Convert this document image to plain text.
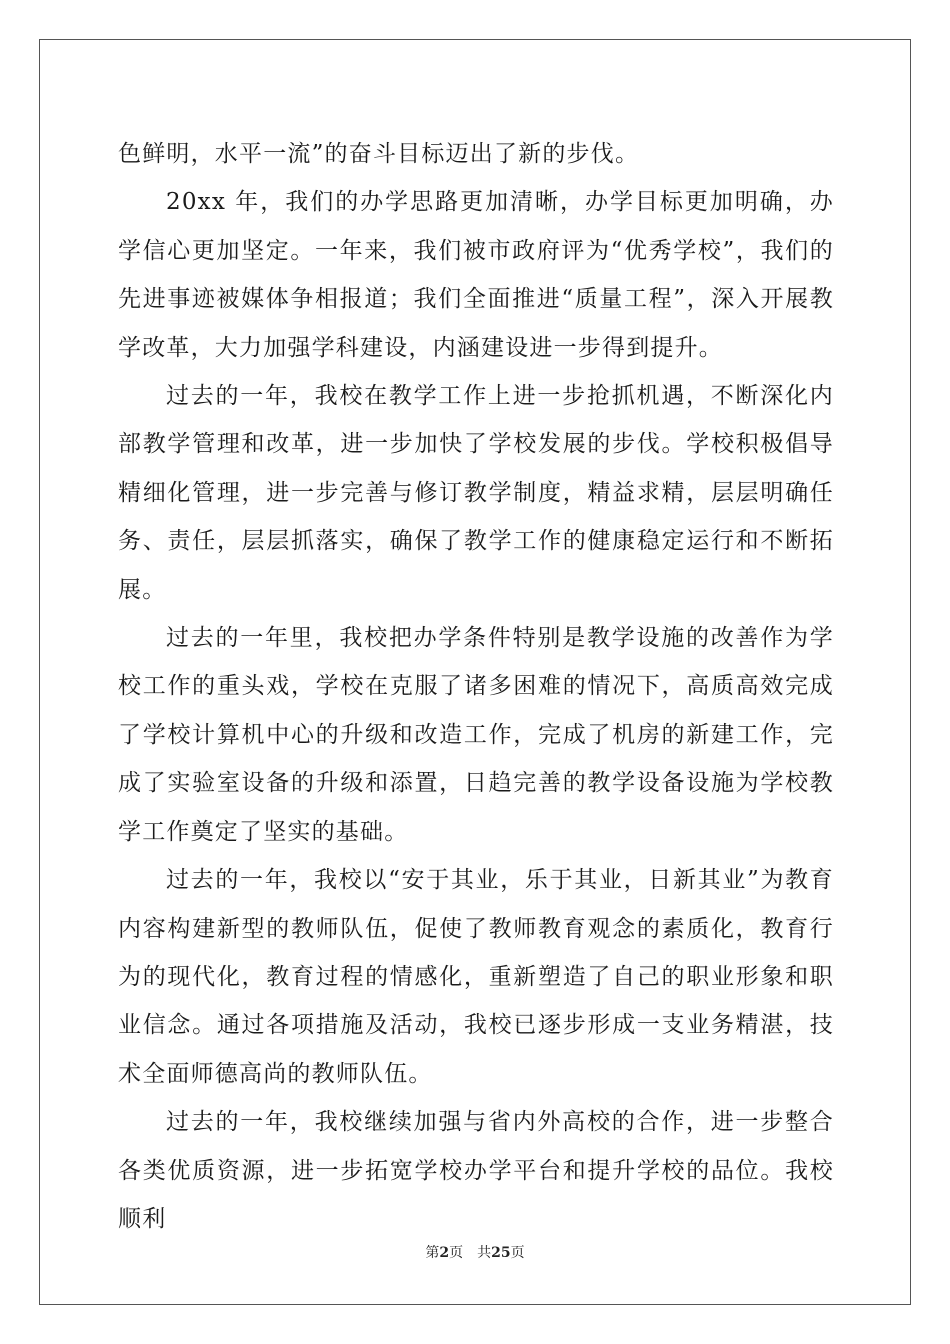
色鲜明，水平一流”的奋斗目标迈出了新的步伐。

20xx 年，我们的办学思路更加清晰，办学目标更加明确，办学信心更加坚定。一年来，我们被市政府评为“优秀学校”，我们的先进事迹被媒体争相报道；我们全面推进“质量工程”，深入开展教学改革，大力加强学科建设，内涵建设进一步得到提升。

过去的一年，我校在教学工作上进一步抢抓机遇，不断深化内部教学管理和改革，进一步加快了学校发展的步伐。学校积极倡导精细化管理，进一步完善与修订教学制度，精益求精，层层明确任务、责任，层层抓落实，确保了教学工作的健康稳定运行和不断拓展。

过去的一年里，我校把办学条件特别是教学设施的改善作为学校工作的重头戏，学校在克服了诸多困难的情况下，高质高效完成了学校计算机中心的升级和改造工作，完成了机房的新建工作，完成了实验室设备的升级和添置，日趋完善的教学设备设施为学校教学工作奠定了坚实的基础。

过去的一年，我校以“安于其业，乐于其业，日新其业”为教育内容构建新型的教师队伍，促使了教师教育观念的素质化，教育行为的现代化，教育过程的情感化，重新塑造了自己的职业形象和职业信念。通过各项措施及活动，我校已逐步形成一支业务精湛，技术全面师德高尚的教师队伍。

过去的一年，我校继续加强与省内外高校的合作，进一步整合各类优质资源，进一步拓宽学校办学平台和提升学校的品位。我校顺利

第2页 共25页
